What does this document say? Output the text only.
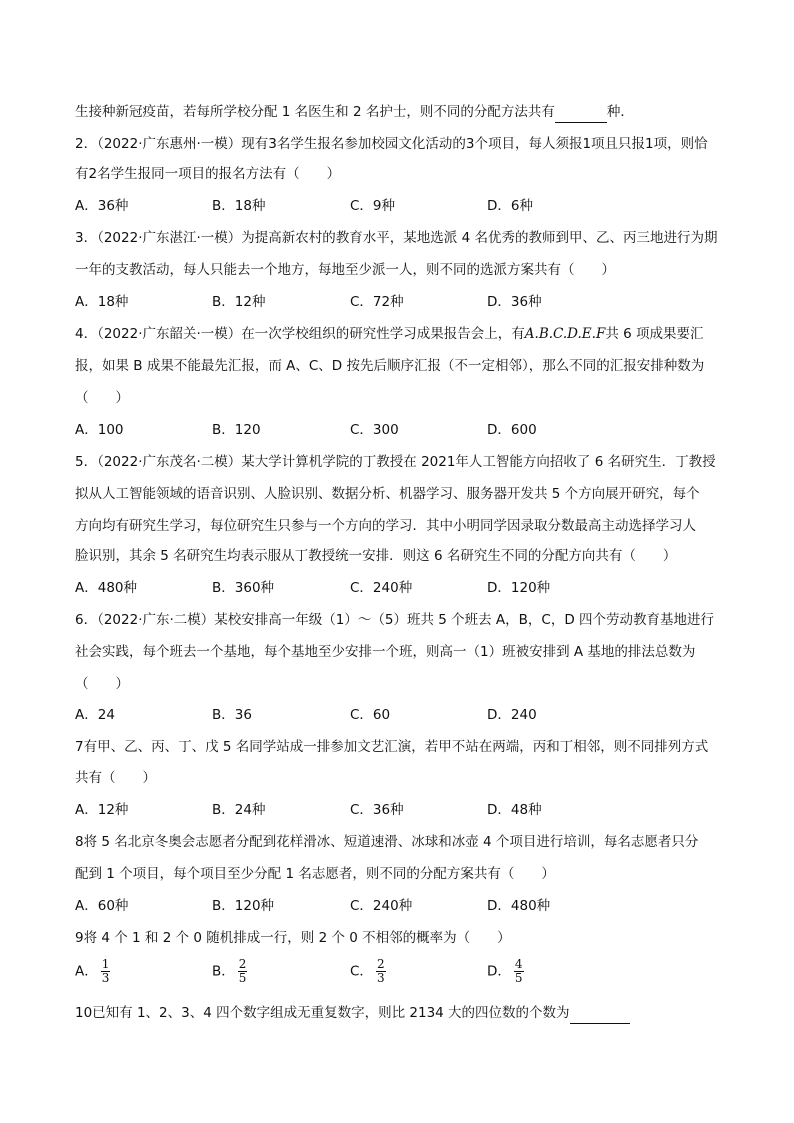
生接种新冠疫苗，若每所学校分配 1 名医生和 2 名护士，则不同的分配方法共有	种．
2．（2022·广东惠州·一模）现有3名学生报名参加校园文化活动的3个项目，每人须报1项且只报1项，则恰
有2名学生报同一项目的报名方法有（　　）
A．36种	B．18种	C．9种	D．6种
3．（2022·广东湛江·一模）为提高新农村的教育水平，某地选派 4 名优秀的教师到甲、乙、丙三地进行为期
一年的支教活动，每人只能去一个地方，每地至少派一人，则不同的选派方案共有（　　）
A．18种	B．12种	C．72种	D．36种
4．（2022·广东韶关·一模）在一次学校组织的研究性学习成果报告会上，有A.B.C.D.E.F共 6 项成果要汇
报，如果 B 成果不能最先汇报，而 A、C、D 按先后顺序汇报（不一定相邻），那么不同的汇报安排种数为
（　　）
A．100	B．120	C．300	D．600
5．（2022·广东茂名·二模）某大学计算机学院的丁教授在 2021年人工智能方向招收了 6 名研究生．丁教授
拟从人工智能领域的语音识别、人脸识别、数据分析、机器学习、服务器开发共 5 个方向展开研究，每个
方向均有研究生学习，每位研究生只参与一个方向的学习．其中小明同学因录取分数最高主动选择学习人
脸识别，其余 5 名研究生均表示服从丁教授统一安排．则这 6 名研究生不同的分配方向共有（　　）
A．480种	B．360种	C．240种	D．120种
6．（2022·广东·二模）某校安排高一年级（1）～（5）班共 5 个班去 A，B，C，D 四个劳动教育基地进行
社会实践，每个班去一个基地，每个基地至少安排一个班，则高一（1）班被安排到 A 基地的排法总数为
（　　）
A．24	B．36	C．60	D．240
7有甲、乙、丙、丁、戊 5 名同学站成一排参加文艺汇演，若甲不站在两端，丙和丁相邻，则不同排列方式
共有（　　）
A．12种	B．24种	C．36种	D．48种
8将 5 名北京冬奥会志愿者分配到花样滑冰、短道速滑、冰球和冰壶 4 个项目进行培训，每名志愿者只分
配到 1 个项目，每个项目至少分配 1 名志愿者，则不同的分配方案共有（　　）
A．60种	B．120种	C．240种	D．480种
9将 4 个 1 和 2 个 0 随机排成一行，则 2 个 0 不相邻的概率为（　　）
A． $\frac{1}{3}$	B． $\frac{2}{5}$	C． $\frac{2}{3}$	D． $\frac{4}{5}$
10已知有 1、2、3、4 四个数字组成无重复数字，则比 2134 大的四位数的个数为
